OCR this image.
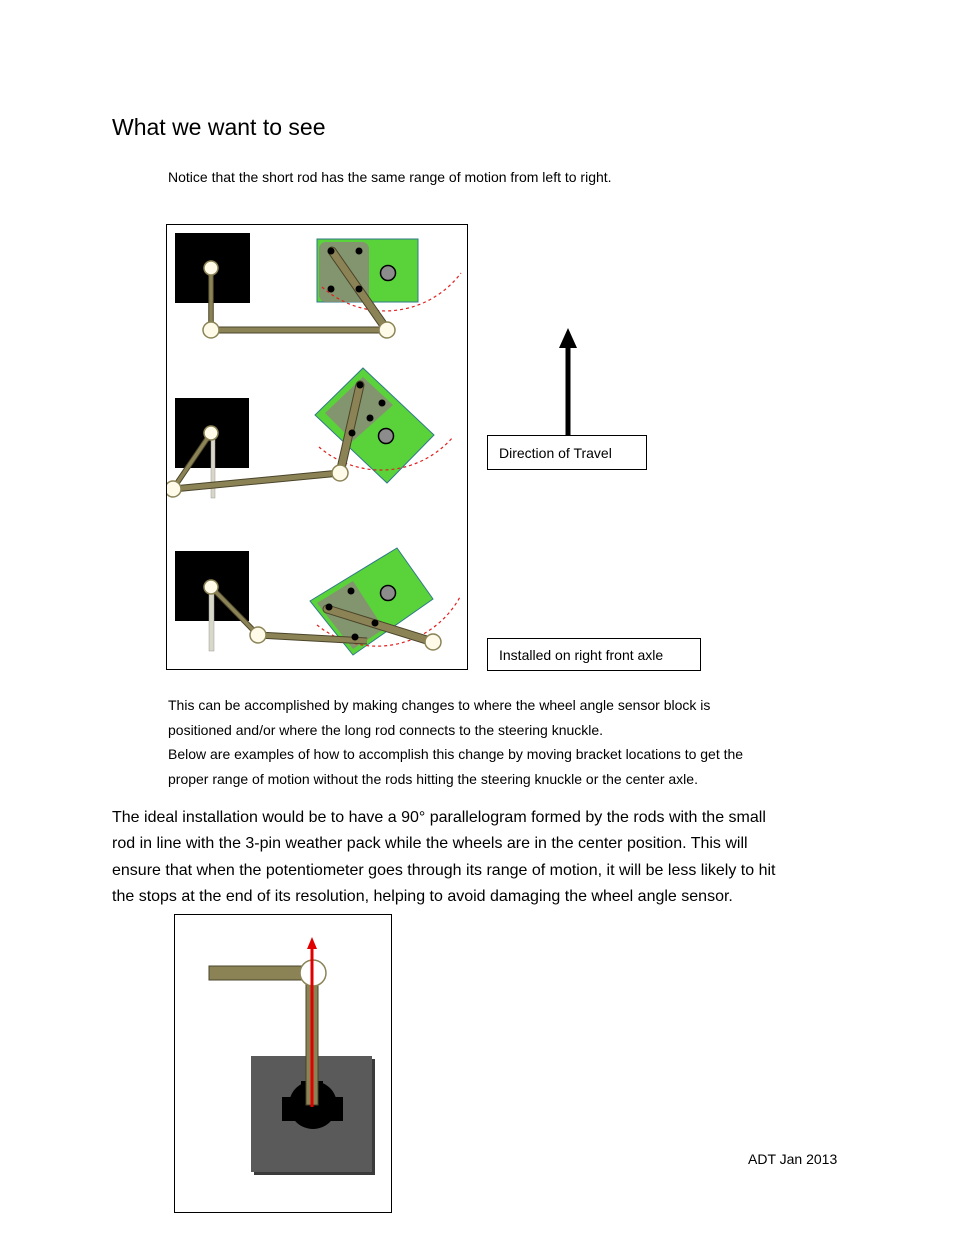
What we want to see
Notice that the short rod has the same range of motion from left to right.
Direction of Travel
Installed on right front axle
This can be accomplished by making changes to where the wheel angle sensor block is
positioned and/or where the long rod connects to the steering knuckle.
Below are examples of how to accomplish this change by moving bracket locations to get the
proper range of motion without the rods hitting the steering knuckle or the center axle.
The ideal installation would be to have a 90° parallelogram formed by the rods with the small
rod in line with the 3-pin weather pack while the wheels are in the center position. This will
ensure that when the potentiometer goes through its range of motion, it will be less likely to hit
the stops at the end of its resolution, helping to avoid damaging the wheel angle sensor.
ADT Jan 2013
